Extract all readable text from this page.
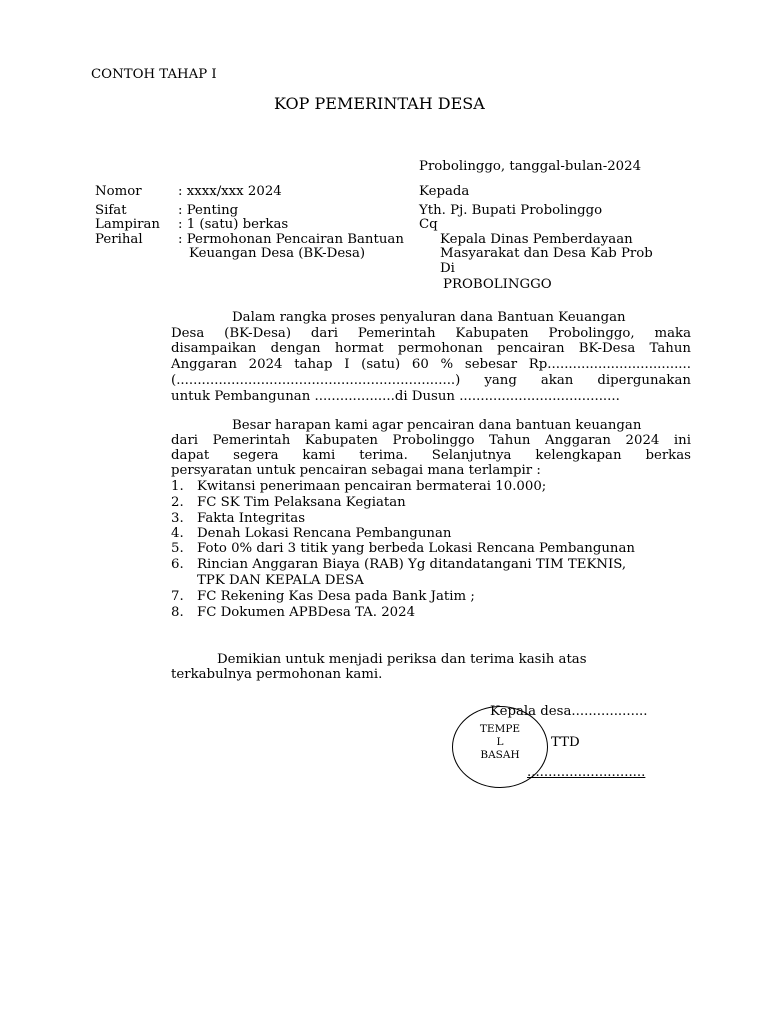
CONTOH TAHAP I
KOP PEMERINTAH DESA
Probolinggo, tanggal-bulan-2024
Nomor	: xxxx/xxx 2024
Sifat	: Penting
Lampiran : 1 (satu) berkas
Perihal	: Permohonan Pencairan Bantuan
Keuangan Desa (BK-Desa)
Kepada
Yth. Pj. Bupati Probolinggo
Cq
Kepala Dinas Pemberdayaan
Masyarakat dan Desa Kab Prob
Di
PROBOLINGGO
Dalam rangka proses penyaluran dana Bantuan Keuangan
Desa (BK-Desa) dari Pemerintah Kabupaten Probolinggo, maka
disampaikan dengan hormat permohonan pencairan BK-Desa Tahun
Anggaran 2024 tahap I (satu) 60 % sebesar Rp..................................
(..................................................................) yang akan dipergunakan
untuk Pembangunan ...................di Dusun ......................................
Besar harapan kami agar pencairan dana bantuan keuangan
dari Pemerintah Kabupaten Probolinggo Tahun Anggaran 2024 ini
dapat segera kami terima. Selanjutnya kelengkapan berkas
persyaratan untuk pencairan sebagai mana terlampir :
1. Kwitansi penerimaan pencairan bermaterai 10.000;
2. FC SK Tim Pelaksana Kegiatan
3. Fakta Integritas
4. Denah Lokasi Rencana Pembangunan
5. Foto 0% dari 3 titik yang berbeda Lokasi Rencana Pembangunan
6. Rincian Anggaran Biaya (RAB) Yg ditandatangani TIM TEKNIS,
TPK DAN KEPALA DESA
7. FC Rekening Kas Desa pada Bank Jatim ;
8. FC Dokumen APBDesa TA. 2024
Demikian untuk menjadi periksa dan terima kasih atas
terkabulnya permohonan kami.
Kepala desa..................
TEMPE
L
BASAH
TTD
............................
